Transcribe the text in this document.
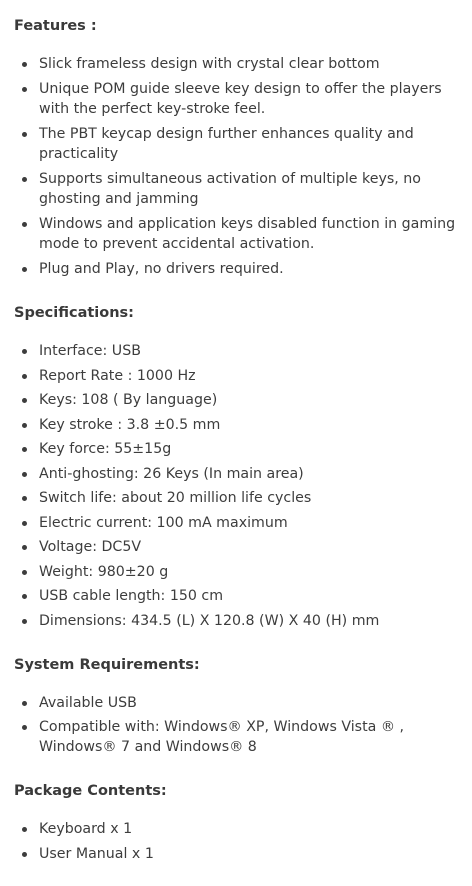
Features :
Slick frameless design with crystal clear bottom
Unique POM guide sleeve key design to offer the players with the perfect key-stroke feel.
The PBT keycap design further enhances quality and practicality
Supports simultaneous activation of multiple keys, no ghosting and jamming
Windows and application keys disabled function in gaming mode to prevent accidental activation.
Plug and Play, no drivers required.
Specifications:
Interface: USB
Report Rate : 1000 Hz
Keys: 108 ( By language)
Key stroke : 3.8 ±0.5 mm
Key force: 55±15g
Anti-ghosting: 26 Keys (In main area)
Switch life: about 20 million life cycles
Electric current: 100 mA maximum
Voltage: DC5V
Weight: 980±20 g
USB cable length: 150 cm
Dimensions: 434.5 (L) X 120.8 (W) X 40 (H) mm
System Requirements:
Available USB
Compatible with: Windows® XP, Windows Vista ® , Windows® 7 and Windows® 8
Package Contents:
Keyboard x 1
User Manual x 1
